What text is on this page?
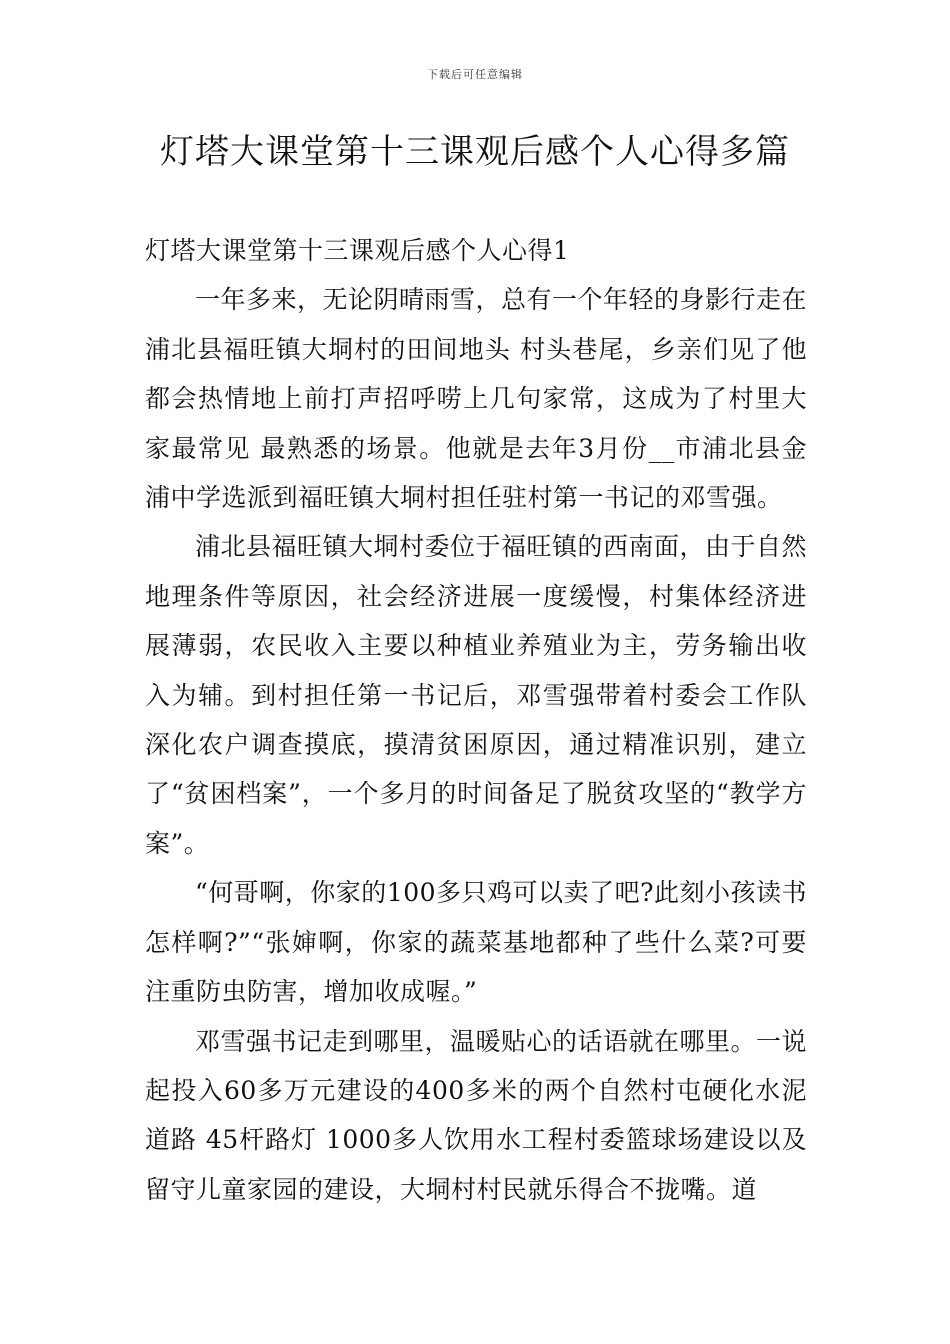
下载后可任意编辑
灯塔大课堂第十三课观后感个人心得多篇
灯塔大课堂第十三课观后感个人心得1

一年多来，无论阴晴雨雪，总有一个年轻的身影行走在浦北县福旺镇大垌村的田间地头 村头巷尾，乡亲们见了他都会热情地上前打声招呼唠上几句家常，这成为了村里大家最常见 最熟悉的场景。他就是去年3月份__市浦北县金浦中学选派到福旺镇大垌村担任驻村第一书记的邓雪强。

浦北县福旺镇大垌村委位于福旺镇的西南面，由于自然地理条件等原因，社会经济进展一度缓慢，村集体经济进展薄弱，农民收入主要以种植业养殖业为主，劳务输出收入为辅。到村担任第一书记后，邓雪强带着村委会工作队深化农户调查摸底，摸清贫困原因，通过精准识别，建立了“贫困档案”，一个多月的时间备足了脱贫攻坚的“教学方案”。

“何哥啊，你家的100多只鸡可以卖了吧?此刻小孩读书怎样啊?”“张婶啊，你家的蔬菜基地都种了些什么菜?可要注重防虫防害，增加收成喔。”

邓雪强书记走到哪里，温暖贴心的话语就在哪里。一说起投入60多万元建设的400多米的两个自然村屯硬化水泥道路 45杆路灯 1000多人饮用水工程村委篮球场建设以及留守儿童家园的建设，大垌村村民就乐得合不拢嘴。道
